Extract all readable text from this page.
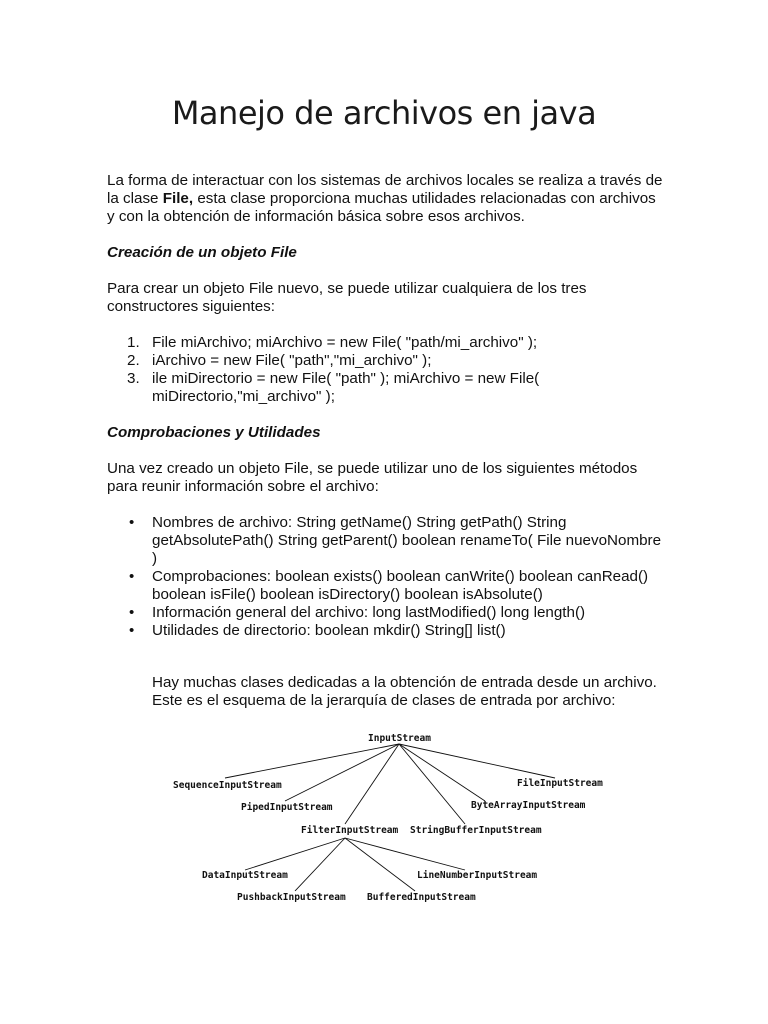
Manejo de archivos en java

La forma de interactuar con los sistemas de archivos locales se realiza a través de la clase File, esta clase proporciona muchas utilidades relacionadas con archivos y con la obtención de información básica sobre esos archivos.

Creación de un objeto File

Para crear un objeto File nuevo, se puede utilizar cualquiera de los tres constructores siguientes:

1. File miArchivo; miArchivo = new File( "path/mi_archivo" );
2. iArchivo = new File( "path","mi_archivo" );
3. ile miDirectorio = new File( "path" ); miArchivo = new File( miDirectorio,"mi_archivo" );

Comprobaciones y Utilidades

Una vez creado un objeto File, se puede utilizar uno de los siguientes métodos para reunir información sobre el archivo:

• Nombres de archivo: String getName() String getPath() String getAbsolutePath() String getParent() boolean renameTo( File nuevoNombre )
• Comprobaciones: boolean exists() boolean canWrite() boolean canRead() boolean isFile() boolean isDirectory() boolean isAbsolute()
• Información general del archivo: long lastModified() long length()
• Utilidades de directorio: boolean mkdir() String[] list()

Hay muchas clases dedicadas a la obtención de entrada desde un archivo. Este es el esquema de la jerarquía de clases de entrada por archivo:

InputStream
SequenceInputStream
PipedInputStream
FilterInputStream StringBufferInputStream
ByteArrayInputStream
FileInputStream
DataInputStream
PushbackInputStream BufferedInputStream
LineNumberInputStream
